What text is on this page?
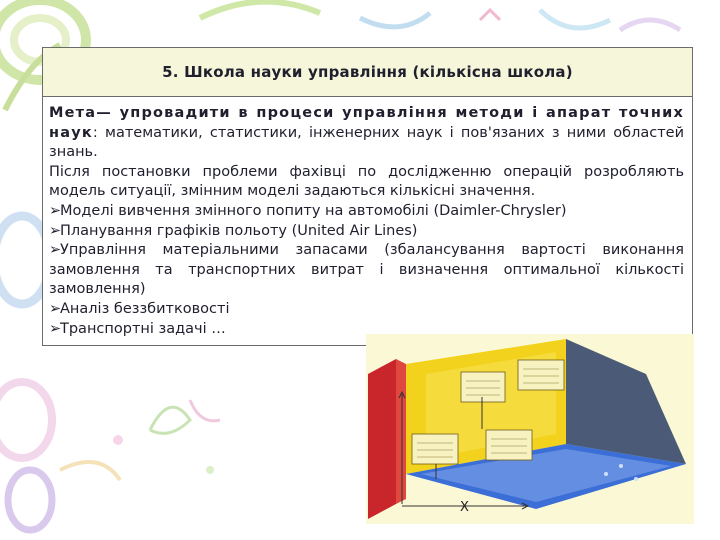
5. Школа науки управління (кількісна школа)

Мета— упровадити в процеси управління методи і апарат точних наук: математики, статистики, інженерних наук і пов'язаних з ними областей знань.

Після постановки проблеми фахівці по дослідженню операцій розробляють модель ситуації, змінним моделі задаються кількісні значення.

➢Моделі вивчення змінного попиту на автомобілі (Daimler-Chrysler)

➢Планування графіків польоту (United Air Lines)

➢Управління матеріальними запасами (збалансування вартості виконання замовлення та транспортних витрат і визначення оптимальної кількості замовлення)

➢Аналіз беззбитковості

➢Транспортні задачі …

X
